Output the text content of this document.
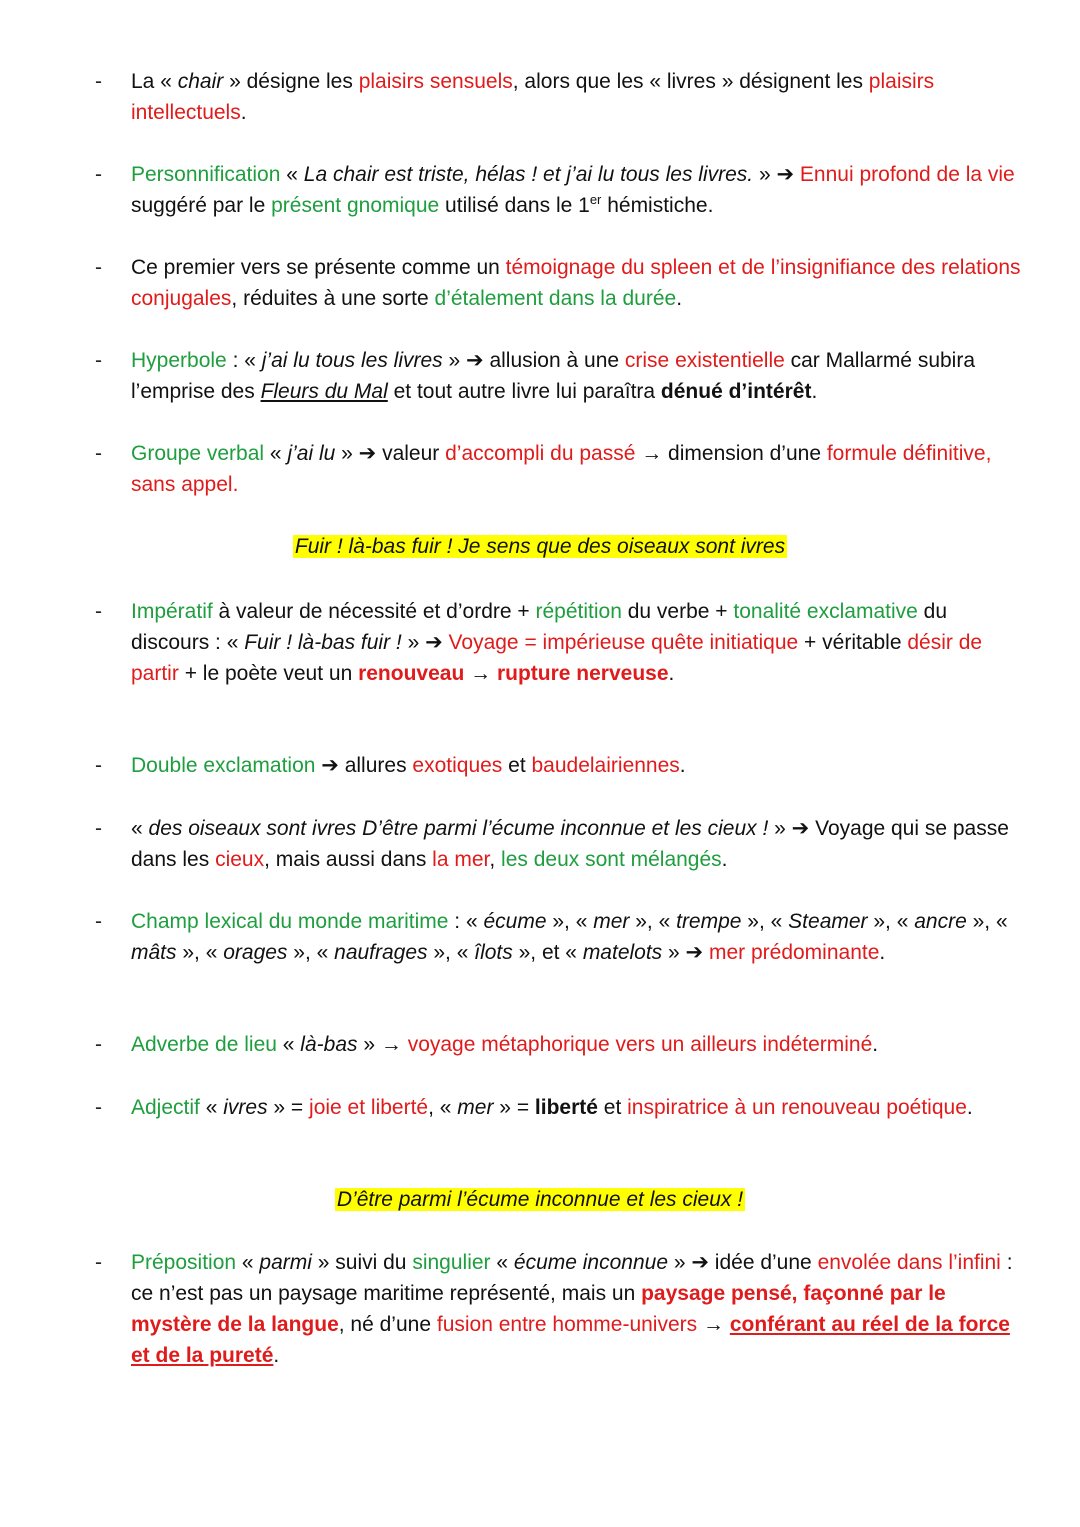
- La « chair » désigne les plaisirs sensuels, alors que les « livres » désignent les plaisirs intellectuels.
- Personnification « La chair est triste, hélas ! et j’ai lu tous les livres. » ➔ Ennui profond de la vie suggéré par le présent gnomique utilisé dans le 1er hémistiche.
- Ce premier vers se présente comme un témoignage du spleen et de l’insignifiance des relations conjugales, réduites à une sorte d’étalement dans la durée.
- Hyperbole : « j’ai lu tous les livres » ➔ allusion à une crise existentielle car Mallarmé subira l’emprise des Fleurs du Mal et tout autre livre lui paraîtra dénué d’intérêt.
- Groupe verbal « j’ai lu » ➔ valeur d’accompli du passé → dimension d’une formule définitive, sans appel.
Fuir ! là-bas fuir ! Je sens que des oiseaux sont ivres
- Impératif à valeur de nécessité et d’ordre + répétition du verbe + tonalité exclamative du discours : « Fuir ! là-bas fuir ! » ➔ Voyage = impérieuse quête initiatique + véritable désir de partir + le poète veut un renouveau → rupture nerveuse.
- Double exclamation ➔ allures exotiques et baudelairiennes.
- « des oiseaux sont ivres D’être parmi l’écume inconnue et les cieux ! » ➔ Voyage qui se passe dans les cieux, mais aussi dans la mer, les deux sont mélangés.
- Champ lexical du monde maritime : « écume », « mer », « trempe », « Steamer », « ancre », « mâts », « orages », « naufrages », « îlots », et « matelots » ➔ mer prédominante.
- Adverbe de lieu « là-bas » → voyage métaphorique vers un ailleurs indéterminé.
- Adjectif « ivres » = joie et liberté, « mer » = liberté et inspiratrice à un renouveau poétique.
D’être parmi l’écume inconnue et les cieux !
- Préposition « parmi » suivi du singulier « écume inconnue » ➔ idée d’une envolée dans l’infini : ce n’est pas un paysage maritime représenté, mais un paysage pensé, façonné par le mystère de la langue, né d’une fusion entre homme-univers → conférant au réel de la force et de la pureté.
